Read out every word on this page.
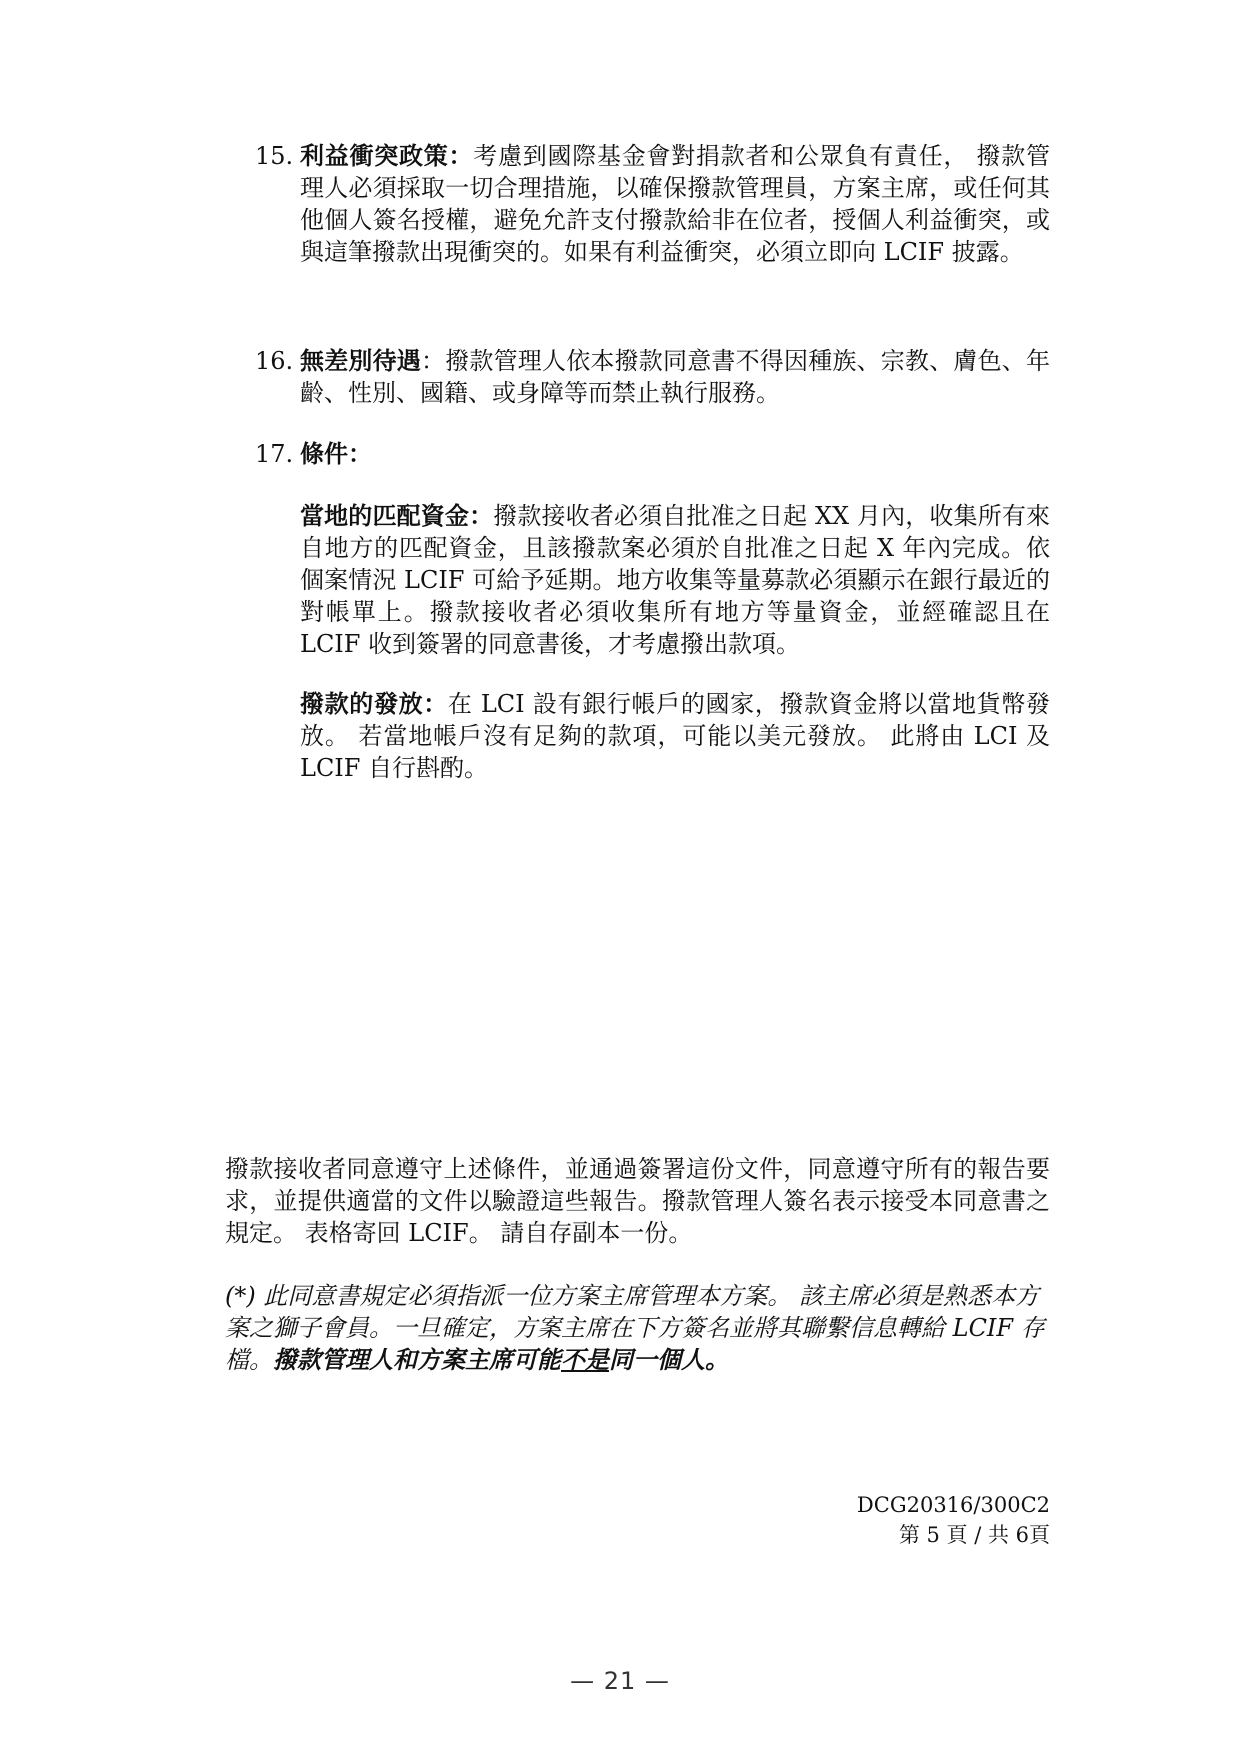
15. 利益衝突政策：考慮到國際基金會對捐款者和公眾負有責任， 撥款管理人必須採取一切合理措施，以確保撥款管理員，方案主席，或任何其他個人簽名授權，避免允許支付撥款給非在位者，授個人利益衝突，或與這筆撥款出現衝突的。如果有利益衝突，必須立即向 LCIF 披露。
16. 無差別待遇：撥款管理人依本撥款同意書不得因種族、宗教、膚色、年齡、性別、國籍、或身障等而禁止執行服務。
17. 條件：
當地的匹配資金：撥款接收者必須自批准之日起 XX 月內，收集所有來自地方的匹配資金，且該撥款案必須於自批准之日起 X 年內完成。依個案情況 LCIF 可給予延期。地方收集等量募款必須顯示在銀行最近的對帳單上。撥款接收者必須收集所有地方等量資金，並經確認且在 LCIF 收到簽署的同意書後，才考慮撥出款項。
撥款的發放：在 LCI 設有銀行帳戶的國家，撥款資金將以當地貨幣發放。 若當地帳戶沒有足夠的款項，可能以美元發放。 此將由 LCI 及 LCIF 自行斟酌。
撥款接收者同意遵守上述條件，並通過簽署這份文件，同意遵守所有的報告要求，並提供適當的文件以驗證這些報告。撥款管理人簽名表示接受本同意書之規定。 表格寄回 LCIF。 請自存副本一份。
(*) 此同意書規定必須指派一位方案主席管理本方案。 該主席必須是熟悉本方案之獅子會員。一旦確定，方案主席在下方簽名並將其聯繫信息轉給 LCIF 存檔。撥款管理人和方案主席可能不是同一個人。
DCG20316/300C2
第 5 頁 / 共 6頁
— 21 —
